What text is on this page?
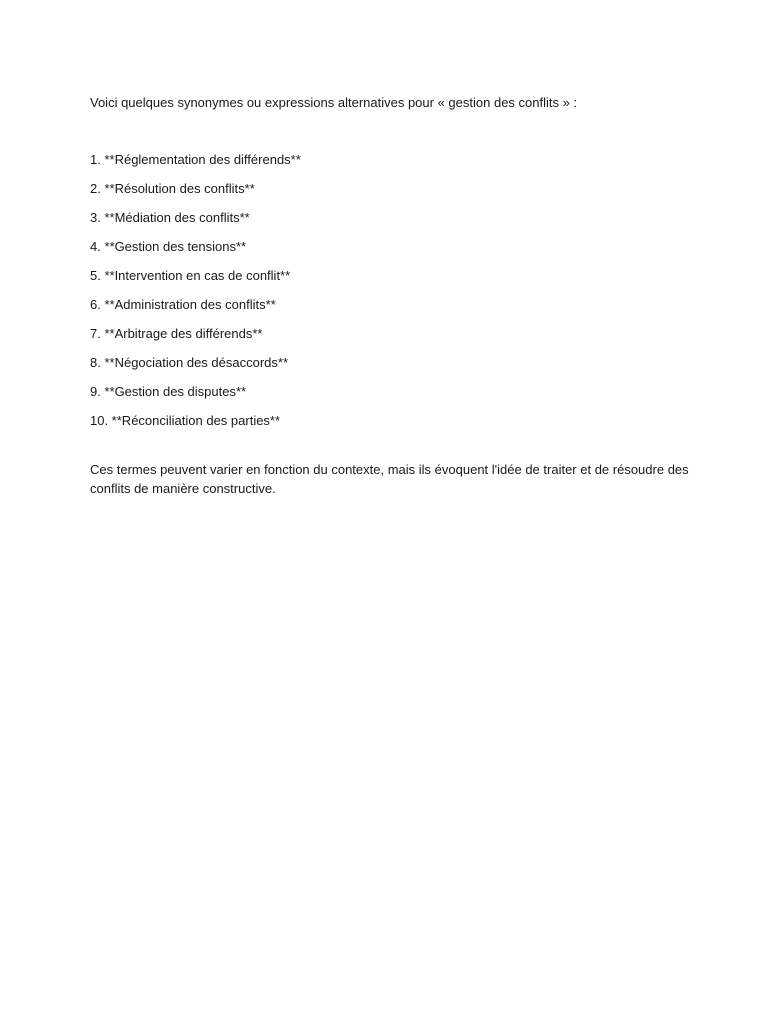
Voici quelques synonymes ou expressions alternatives pour « gestion des conflits » :

1. **Réglementation des différends**
2. **Résolution des conflits**
3. **Médiation des conflits**
4. **Gestion des tensions**
5. **Intervention en cas de conflit**
6. **Administration des conflits**
7. **Arbitrage des différends**
8. **Négociation des désaccords**
9. **Gestion des disputes**
10. **Réconciliation des parties**

Ces termes peuvent varier en fonction du contexte, mais ils évoquent l'idée de traiter et de résoudre des conflits de manière constructive.
